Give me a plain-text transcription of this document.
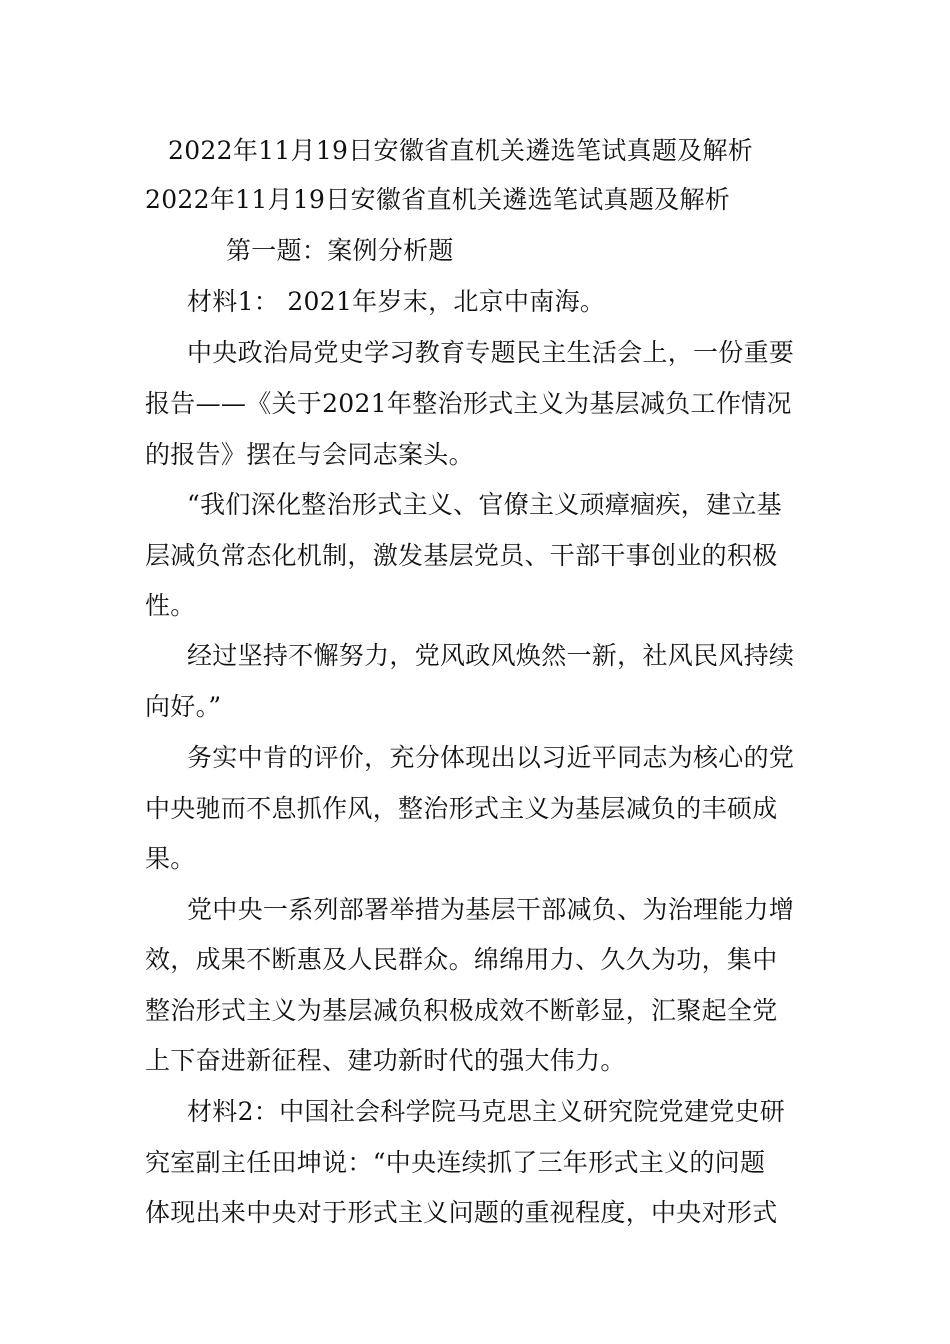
2022年11月19日安徽省直机关遴选笔试真题及解析
2022年11月19日安徽省直机关遴选笔试真题及解析
第一题：案例分析题
材料1： 2021年岁末，北京中南海。
中央政治局党史学习教育专题民主生活会上，一份重要
报告——《关于2021年整治形式主义为基层减负工作情况
的报告》摆在与会同志案头。
“我们深化整治形式主义、官僚主义顽瘴痼疾，建立基
层减负常态化机制，激发基层党员、干部干事创业的积极
性。
经过坚持不懈努力，党风政风焕然一新，社风民风持续
向好。”
务实中肯的评价，充分体现出以习近平同志为核心的党
中央驰而不息抓作风，整治形式主义为基层减负的丰硕成
果。
党中央一系列部署举措为基层干部减负、为治理能力增
效，成果不断惠及人民群众。绵绵用力、久久为功，集中
整治形式主义为基层减负积极成效不断彰显，汇聚起全党
上下奋进新征程、建功新时代的强大伟力。
材料2：中国社会科学院马克思主义研究院党建党史研
究室副主任田坤说：“中央连续抓了三年形式主义的问题
体现出来中央对于形式主义问题的重视程度，中央对形式
